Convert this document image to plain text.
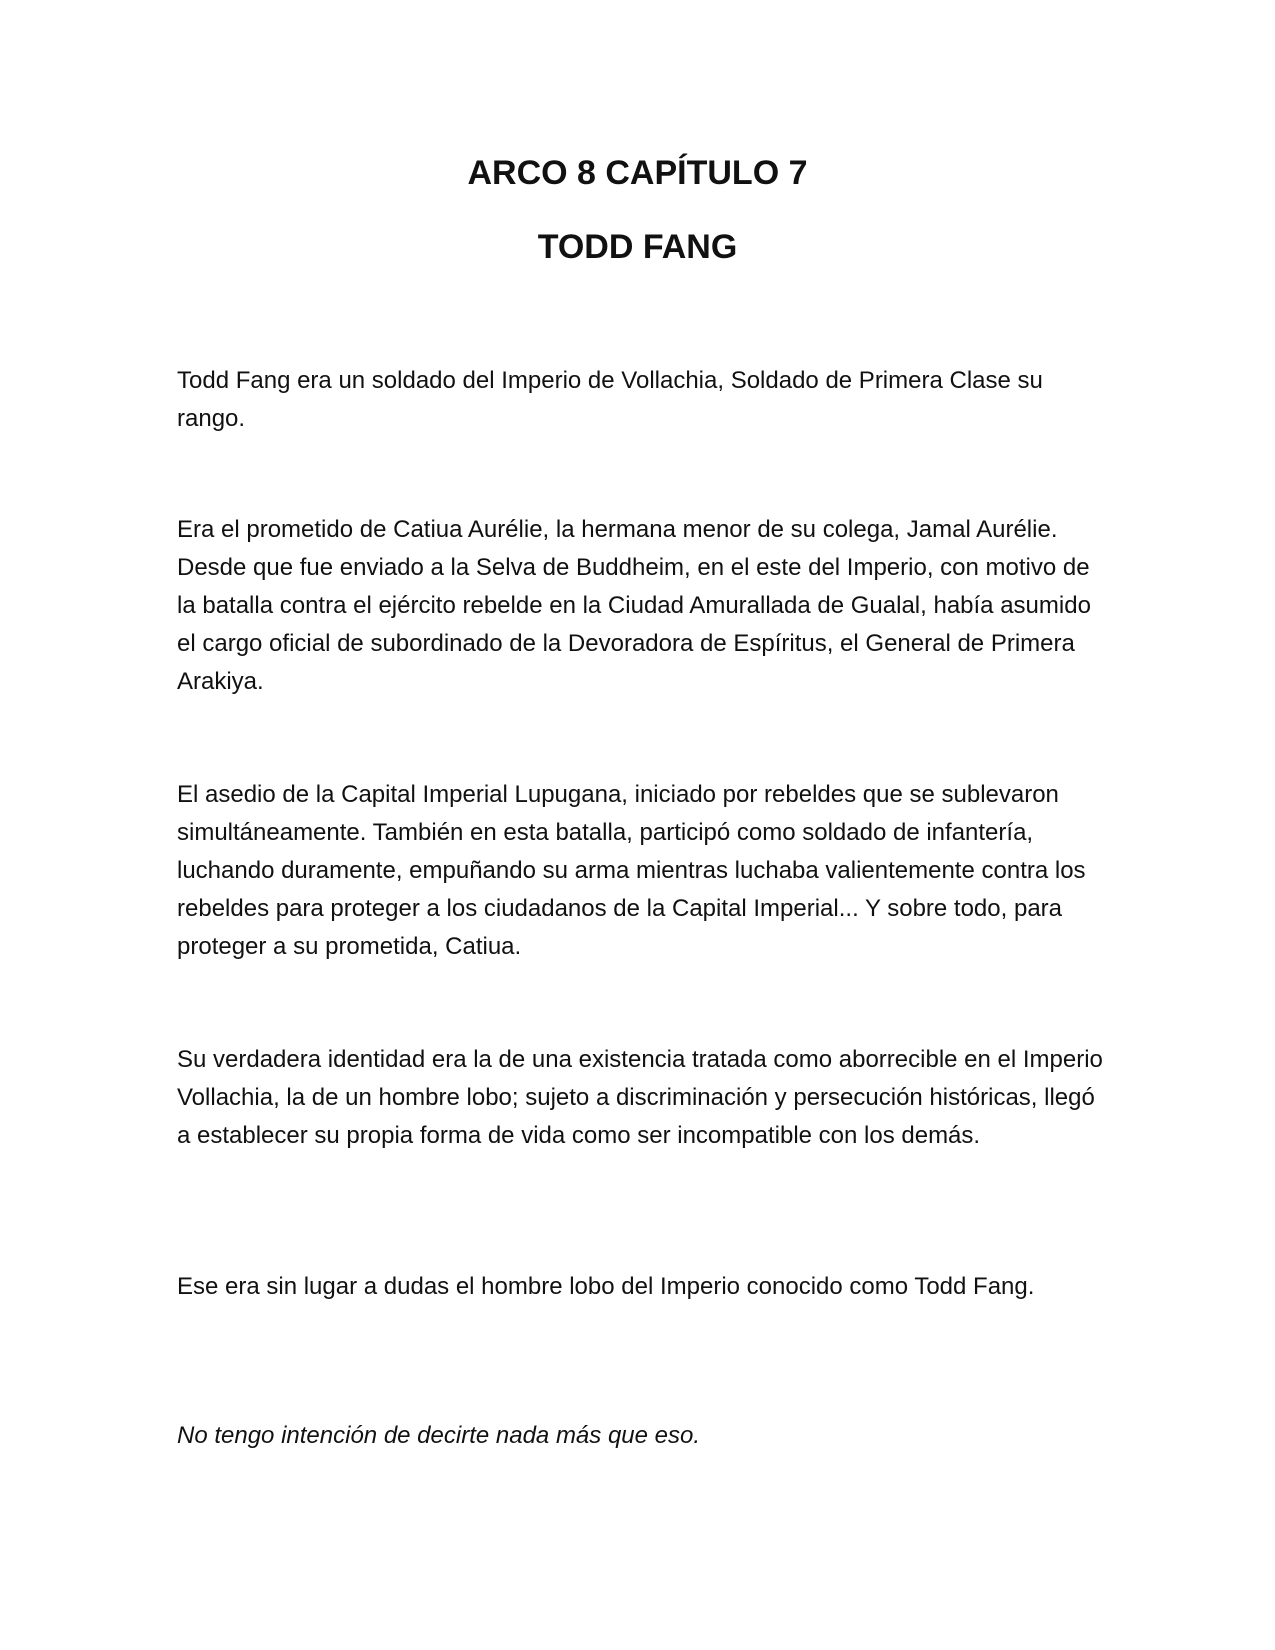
ARCO 8 CAPÍTULO 7
TODD FANG

Todd Fang era un soldado del Imperio de Vollachia, Soldado de Primera Clase su rango.

Era el prometido de Catiua Aurélie, la hermana menor de su colega, Jamal Aurélie. Desde que fue enviado a la Selva de Buddheim, en el este del Imperio, con motivo de la batalla contra el ejército rebelde en la Ciudad Amurallada de Gualal, había asumido el cargo oficial de subordinado de la Devoradora de Espíritus, el General de Primera Arakiya.

El asedio de la Capital Imperial Lupugana, iniciado por rebeldes que se sublevaron simultáneamente. También en esta batalla, participó como soldado de infantería, luchando duramente, empuñando su arma mientras luchaba valientemente contra los rebeldes para proteger a los ciudadanos de la Capital Imperial... Y sobre todo, para proteger a su prometida, Catiua.

Su verdadera identidad era la de una existencia tratada como aborrecible en el Imperio Vollachia, la de un hombre lobo; sujeto a discriminación y persecución históricas, llegó a establecer su propia forma de vida como ser incompatible con los demás.

Ese era sin lugar a dudas el hombre lobo del Imperio conocido como Todd Fang.

No tengo intención de decirte nada más que eso.
